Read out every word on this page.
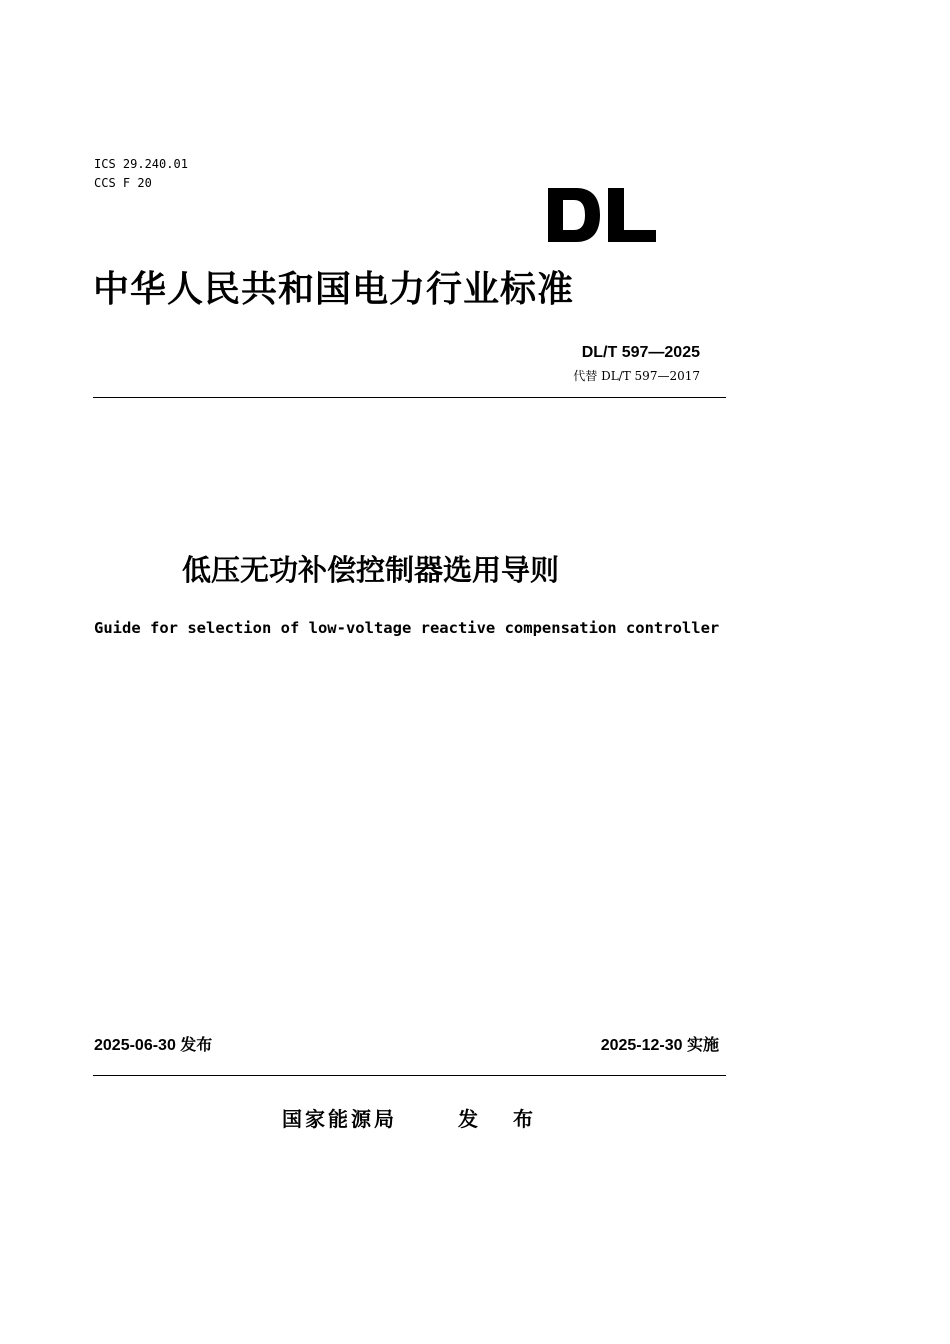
ICS 29.240.01
CCS F 20
中华人民共和国电力行业标准
DL/T 597—2025
代替 DL/T 597—2017
低压无功补偿控制器选用导则
Guide for selection of low-voltage reactive compensation controller
2025-06-30 发布	2025-12-30 实施
国家能源局	发 布
